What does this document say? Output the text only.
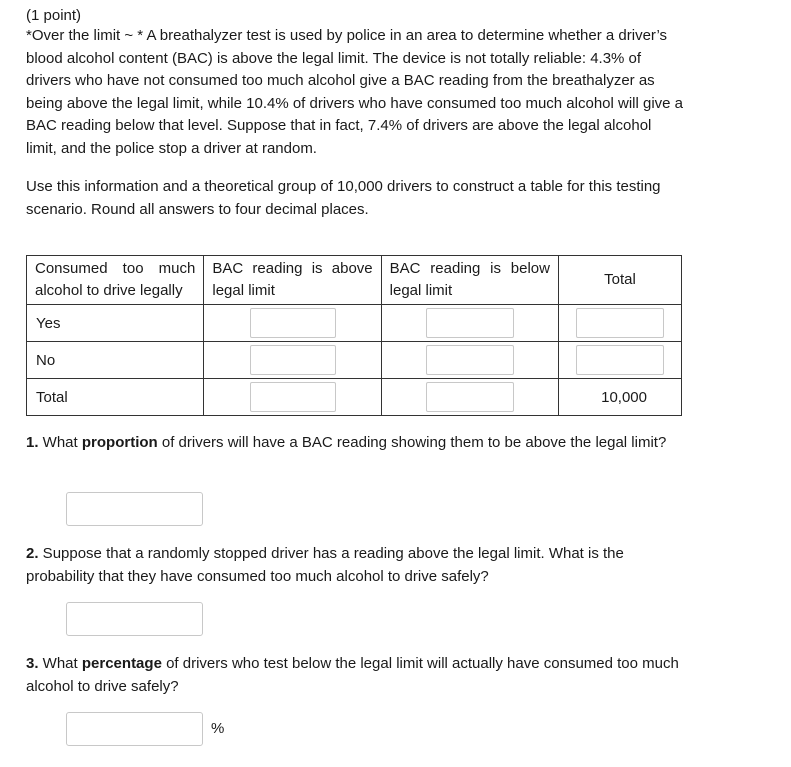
(1 point)
*Over the limit ~ * A breathalyzer test is used by police in an area to determine whether a driver’s blood alcohol content (BAC) is above the legal limit. The device is not totally reliable: 4.3% of drivers who have not consumed too much alcohol give a BAC reading from the breathalyzer as being above the legal limit, while 10.4% of drivers who have consumed too much alcohol will give a BAC reading below that level. Suppose that in fact, 7.4% of drivers are above the legal alcohol limit, and the police stop a driver at random.
Use this information and a theoretical group of 10,000 drivers to construct a table for this testing scenario. Round all answers to four decimal places.
Consumed too much alcohol to drive legally	BAC reading is above legal limit	BAC reading is below legal limit	Total
Yes	

No	

Total			10,000
1. What proportion of drivers will have a BAC reading showing them to be above the legal limit?
2. Suppose that a randomly stopped driver has a reading above the legal limit. What is the probability that they have consumed too much alcohol to drive safely?
3. What percentage of drivers who test below the legal limit will actually have consumed too much alcohol to drive safely?
%
